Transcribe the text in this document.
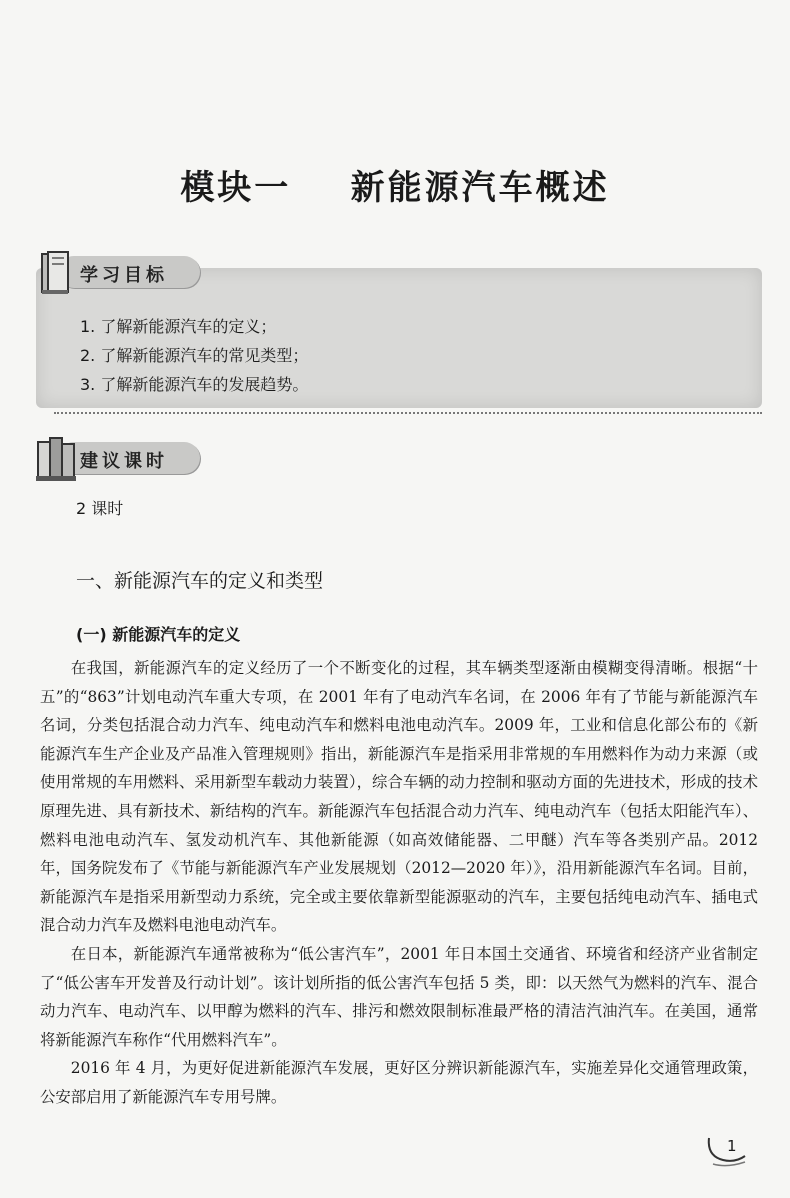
模块一    新能源汽车概述
学习目标
1. 了解新能源汽车的定义；
2. 了解新能源汽车的常见类型；
3. 了解新能源汽车的发展趋势。
建议课时
2 课时
一、新能源汽车的定义和类型
(一) 新能源汽车的定义

在我国，新能源汽车的定义经历了一个不断变化的过程，其车辆类型逐渐由模糊变得清晰。根据“十五”的“863”计划电动汽车重大专项，在 2001 年有了电动汽车名词，在 2006 年有了节能与新能源汽车名词，分类包括混合动力汽车、纯电动汽车和燃料电池电动汽车。2009 年，工业和信息化部公布的《新能源汽车生产企业及产品准入管理规则》指出，新能源汽车是指采用非常规的车用燃料作为动力来源（或使用常规的车用燃料、采用新型车载动力装置），综合车辆的动力控制和驱动方面的先进技术，形成的技术原理先进、具有新技术、新结构的汽车。新能源汽车包括混合动力汽车、纯电动汽车（包括太阳能汽车）、燃料电池电动汽车、氢发动机汽车、其他新能源（如高效储能器、二甲醚）汽车等各类别产品。2012 年，国务院发布了《节能与新能源汽车产业发展规划（2012—2020 年）》，沿用新能源汽车名词。目前，新能源汽车是指采用新型动力系统，完全或主要依靠新型能源驱动的汽车，主要包括纯电动汽车、插电式混合动力汽车及燃料电池电动汽车。

在日本，新能源汽车通常被称为“低公害汽车”，2001 年日本国土交通省、环境省和经济产业省制定了“低公害车开发普及行动计划”。该计划所指的低公害汽车包括 5 类，即：以天然气为燃料的汽车、混合动力汽车、电动汽车、以甲醇为燃料的汽车、排污和燃效限制标准最严格的清洁汽油汽车。在美国，通常将新能源汽车称作“代用燃料汽车”。

2016 年 4 月，为更好促进新能源汽车发展，更好区分辨识新能源汽车，实施差异化交通管理政策，公安部启用了新能源汽车专用号牌。

1
